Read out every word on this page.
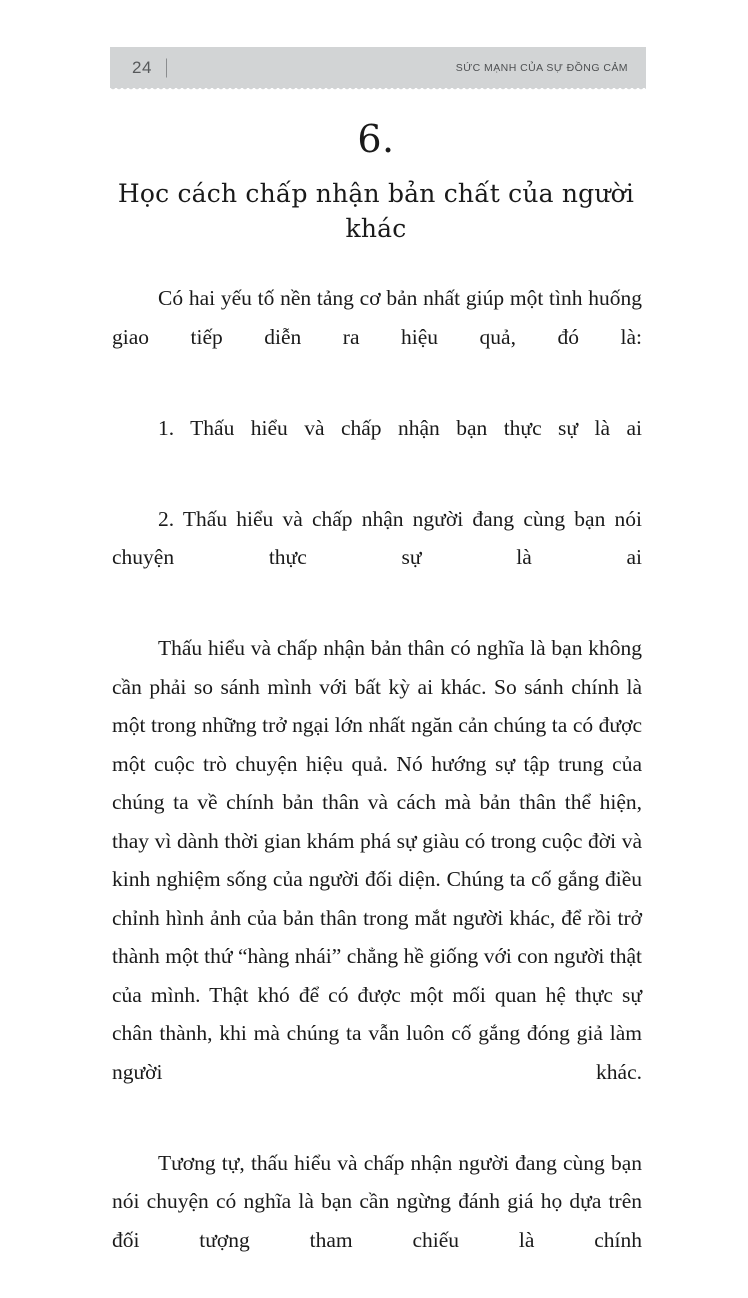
24	SỨC MẠNH CỦA SỰ ĐỒNG CẢM
6.
Học cách chấp nhận bản chất của người khác

Có hai yếu tố nền tảng cơ bản nhất giúp một tình huống giao tiếp diễn ra hiệu quả, đó là:

1. Thấu hiểu và chấp nhận bạn thực sự là ai

2. Thấu hiểu và chấp nhận người đang cùng bạn nói chuyện thực sự là ai

Thấu hiểu và chấp nhận bản thân có nghĩa là bạn không cần phải so sánh mình với bất kỳ ai khác. So sánh chính là một trong những trở ngại lớn nhất ngăn cản chúng ta có được một cuộc trò chuyện hiệu quả. Nó hướng sự tập trung của chúng ta về chính bản thân và cách mà bản thân thể hiện, thay vì dành thời gian khám phá sự giàu có trong cuộc đời và kinh nghiệm sống của người đối diện. Chúng ta cố gắng điều chỉnh hình ảnh của bản thân trong mắt người khác, để rồi trở thành một thứ “hàng nhái” chẳng hề giống với con người thật của mình. Thật khó để có được một mối quan hệ thực sự chân thành, khi mà chúng ta vẫn luôn cố gắng đóng giả làm người khác.

Tương tự, thấu hiểu và chấp nhận người đang cùng bạn nói chuyện có nghĩa là bạn cần ngừng đánh giá họ dựa trên đối tượng tham chiếu là chính
